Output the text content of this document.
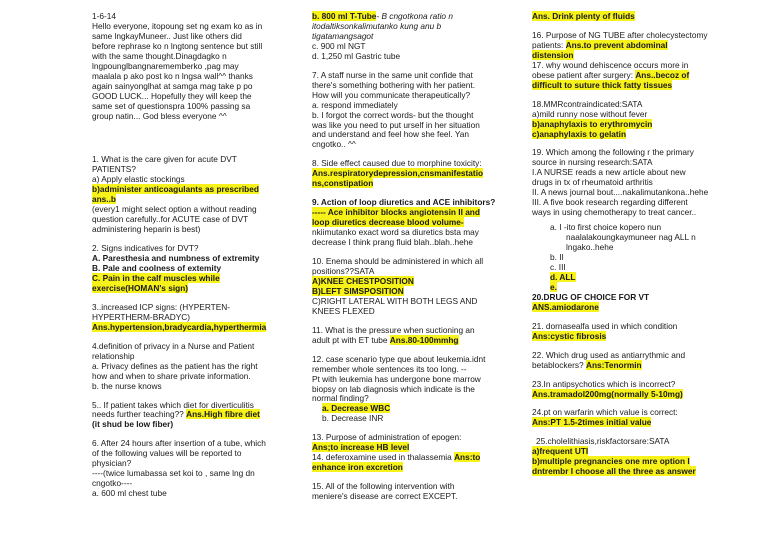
1-6-14
Hello everyone, itopoung set ng exam ko as in
same lngkayMuneer.. Just like others did
before rephrase ko n lngtong sentence but still
with the same thought.Dinagdagko n
lngpounglbangnarememberko ,pag may
maalala p ako post ko n lngsa wall^^ thanks
again sainyonglhat at samga mag take p po
GOOD LUCK... Hopefully they will keep the
same set of questionspra 100% passing sa
group natin... God bless everyone ^^
1. What is the care given for acute DVT
PATIENTS?
a) Apply elastic stockings
b)administer anticoagulants as prescribed
ans..b
(every1 might select option a without reading
question carefully..for ACUTE case of DVT
administering heparin is best)
2. Signs indicatives for DVT?
A. Paresthesia and numbness of extremity
B. Pale and coolness of extemity
C. Pain in the calf muscles while
exercise(HOMAN's sign)
3..increased ICP signs: (HYPERTEN-
HYPERTHERM-BRADYC)
Ans.hypertension,bradycardia,hyperthermia
4.definition of privacy in a Nurse and Patient
relationship
a. Privacy defines as the patient has the right
how and when to share private information.
b. the nurse knows
5.. If patient takes which diet for diverticulitis
needs further teaching?? Ans.High fibre diet
(it shud be low fiber)
6. After 24 hours after insertion of a tube, which
of the following values will be reported to
physician?
----(twice lumabassa set koi to , same lng dn
cngotko----
a. 600 ml chest tube
b. 800 ml T-Tube- B cngotkona ratio n
itodaltiksonkalimutanko kung anu b
tigatamangsagot
c. 900 ml NGT
d. 1,250 ml Gastric tube
7. A staff nurse in the same unit confide that
there's something bothering with her patient.
How will you communicate therapeutically?
a. respond immediately
b. I forgot the correct words- but the thought
was like you need to put urself in her situation
and understand and feel how she feel. Yan
cngotko.. ^^
8. Side effect caused due to morphine toxicity:
Ans.respiratorydepression,cnsmanifestatio
ns,constipation
9. Action of loop diuretics and ACE inhibitors?
----- Ace inhibitor blocks angiotensin II and
loop diuretics decrease blood volume-
nkiimutanko exact word sa diuretics bsta may
decrease I think prang fluid blah..blah..hehe
10. Enema should be administered in which all
positions??SATA
A)KNEE CHESTPOSITION
B)LEFT SIMSPOSITION
C)RIGHT LATERAL WITH BOTH LEGS AND
KNEES FLEXED
11. What is the pressure when suctioning an
adult pt with ET tube Ans.80-100mmhg
12. case scenario type que about leukemia.idnt
remember whole sentences its too long. --
Pt with leukemia has undergone bone marrow
biopsy on lab diagnosis which indicate is the
normal finding?
a. Decrease WBC
b. Decrease INR
13. Purpose of administration of epogen:
Ans;to increase HB level
14. deferoxamine used in thalassemia Ans:to
enhance iron excretion
15. All of the following intervention with
meniere's disease are correct EXCEPT.
Ans. Drink plenty of fluids
16. Purpose of NG TUBE after cholecystectomy
patients: Ans.to prevent abdominal
distension
17. why wound dehiscence occurs more in
obese patient after surgery: Ans..becoz of
difficult to suture thick fatty tissues
18.MMRcontraindicated:SATA
a)mild runny nose without fever
b)anaphylaxis to erythromycin
c)anaphylaxis to gelatin
19. Which among the following r the primary
source in nursing research:SATA
I.A NURSE reads a new article about new
drugs in tx of rheumatoid arthritis
II. A news journal bout....nakalimutankona..hehe
III. A five book research regarding different
ways in using chemotherapy to treat cancer..
a. I -ito first choice kopero nun
naalalakoungkaymuneer nag ALL n
lngako..hehe
b. II
c. III
d. ALL
e.
20.DRUG OF CHOICE FOR VT
ANS.amiodarone
21. dornasealfa used in which condition
Ans:cystic fibrosis
22. Which drug used as antiarrythmic and
betablockers? Ans:Tenormin
23.In antipsychotics which is incorrect?
Ans.tramadol200mg(normally 5-10mg)
24.pt on warfarin which value is correct:
Ans:PT 1.5-2times initial value
25.cholelithiasis,riskfactorsare:SATA
a)frequent UTI
b)multiple pregnancies one mre option I
dntrembr I choose all the three as answer
